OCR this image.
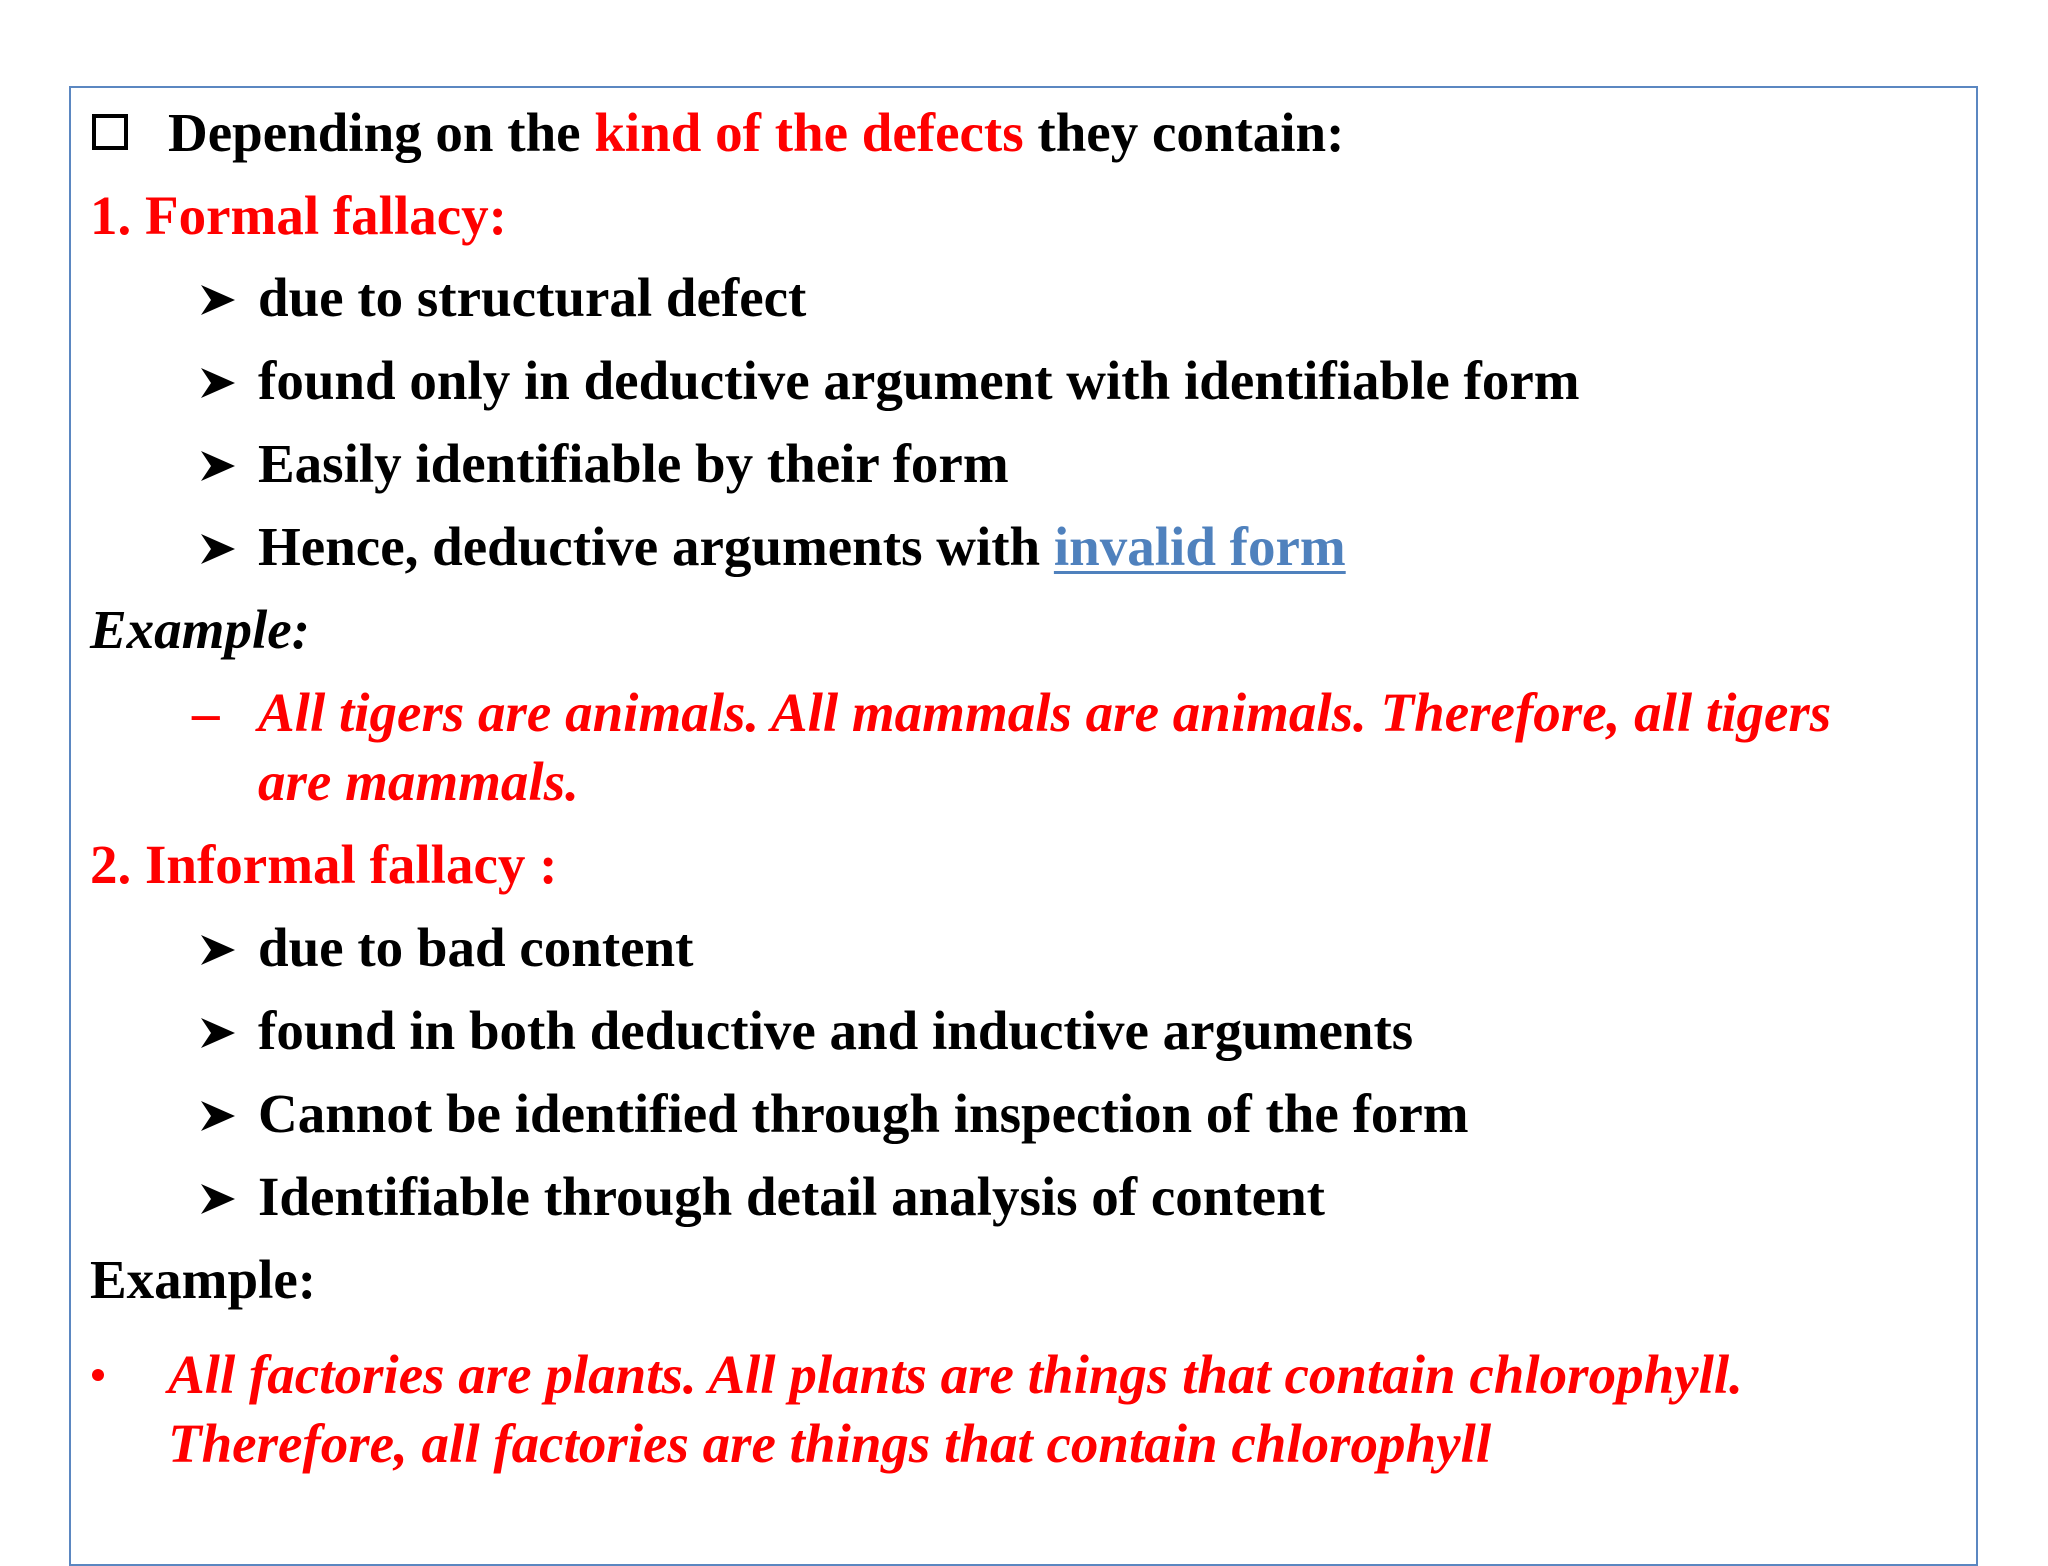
Depending on the kind of the defects they contain:
1. Formal fallacy:
due to structural defect
found only in deductive argument with identifiable form
Easily identifiable by their form
Hence, deductive arguments with invalid form
Example:
– All tigers are animals. All mammals are animals. Therefore, all tigers
are mammals.
2. Informal fallacy :
due to bad content
found in both deductive and inductive arguments
Cannot be identified through inspection of the form
Identifiable through detail analysis of content
Example:
All factories are plants. All plants are things that contain chlorophyll.
Therefore, all factories are things that contain chlorophyll
